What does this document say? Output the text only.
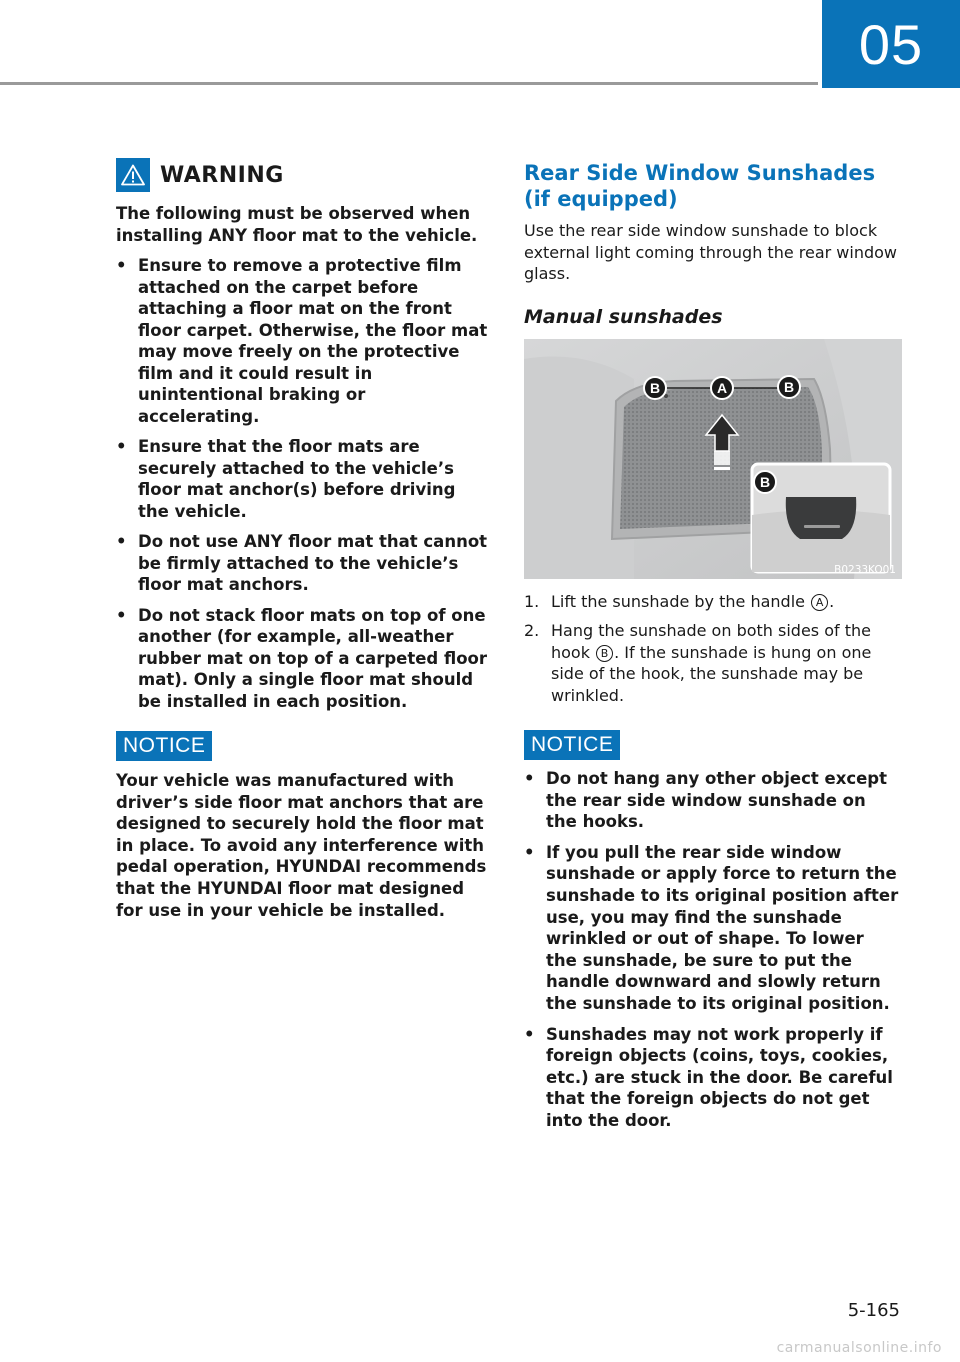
05
WARNING

The following must be observed when installing ANY floor mat to the vehicle.

• Ensure to remove a protective film attached on the carpet before attaching a floor mat on the front floor carpet. Otherwise, the floor mat may move freely on the protective film and it could result in unintentional braking or accelerating.
• Ensure that the floor mats are securely attached to the vehicle’s floor mat anchor(s) before driving the vehicle.
• Do not use ANY floor mat that cannot be firmly attached to the vehicle’s floor mat anchors.
• Do not stack floor mats on top of one another (for example, all-weather rubber mat on top of a carpeted floor mat). Only a single floor mat should be installed in each position.
NOTICE
Your vehicle was manufactured with driver’s side floor mat anchors that are designed to securely hold the floor mat in place. To avoid any interference with pedal operation, HYUNDAI recommends that the HYUNDAI floor mat designed for use in your vehicle be installed.
Rear Side Window Sunshades (if equipped)
Use the rear side window sunshade to block external light coming through the rear window glass.
Manual sunshades
B	A	B
B
B0233KO01
1. Lift the sunshade by the handle A .
2. Hang the sunshade on both sides of the hook B . If the sunshade is hung on one side of the hook, the sunshade may be wrinkled.
NOTICE
• Do not hang any other object except the rear side window sunshade on the hooks.
• If you pull the rear side window sunshade or apply force to return the sunshade to its original position after use, you may find the sunshade wrinkled or out of shape. To lower the sunshade, be sure to put the handle downward and slowly return the sunshade to its original position.
• Sunshades may not work properly if foreign objects (coins, toys, cookies, etc.) are stuck in the door. Be careful that the foreign objects do not get into the door.
5-165
carmanualsonline.info
